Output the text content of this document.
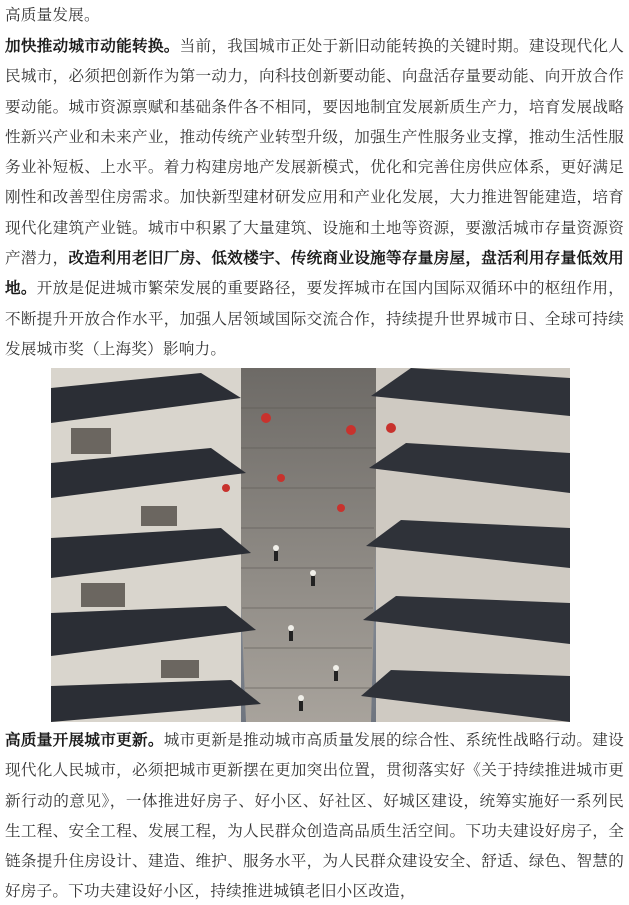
高质量发展。

加快推动城市动能转换。当前，我国城市正处于新旧动能转换的关键时期。建设现代化人民城市，必须把创新作为第一动力，向科技创新要动能、向盘活存量要动能、向开放合作要动能。城市资源禀赋和基础条件各不相同，要因地制宜发展新质生产力，培育发展战略性新兴产业和未来产业，推动传统产业转型升级，加强生产性服务业支撑，推动生活性服务业补短板、上水平。着力构建房地产发展新模式，优化和完善住房供应体系，更好满足刚性和改善型住房需求。加快新型建材研发应用和产业化发展，大力推进智能建造，培育现代化建筑产业链。城市中积累了大量建筑、设施和土地等资源，要激活城市存量资源资产潜力，改造利用老旧厂房、低效楼宇、传统商业设施等存量房屋，盘活利用存量低效用地。开放是促进城市繁荣发展的重要路径，要发挥城市在国内国际双循环中的枢纽作用，不断提升开放合作水平，加强人居领域国际交流合作，持续提升世界城市日、全球可持续发展城市奖（上海奖）影响力。

高质量开展城市更新。城市更新是推动城市高质量发展的综合性、系统性战略行动。建设现代化人民城市，必须把城市更新摆在更加突出位置，贯彻落实好《关于持续推进城市更新行动的意见》，一体推进好房子、好小区、好社区、好城区建设，统筹实施好一系列民生工程、安全工程、发展工程，为人民群众创造高品质生活空间。下功夫建设好房子，全链条提升住房设计、建造、维护、服务水平，为人民群众建设安全、舒适、绿色、智慧的好房子。下功夫建设好小区，持续推进城镇老旧小区改造，
